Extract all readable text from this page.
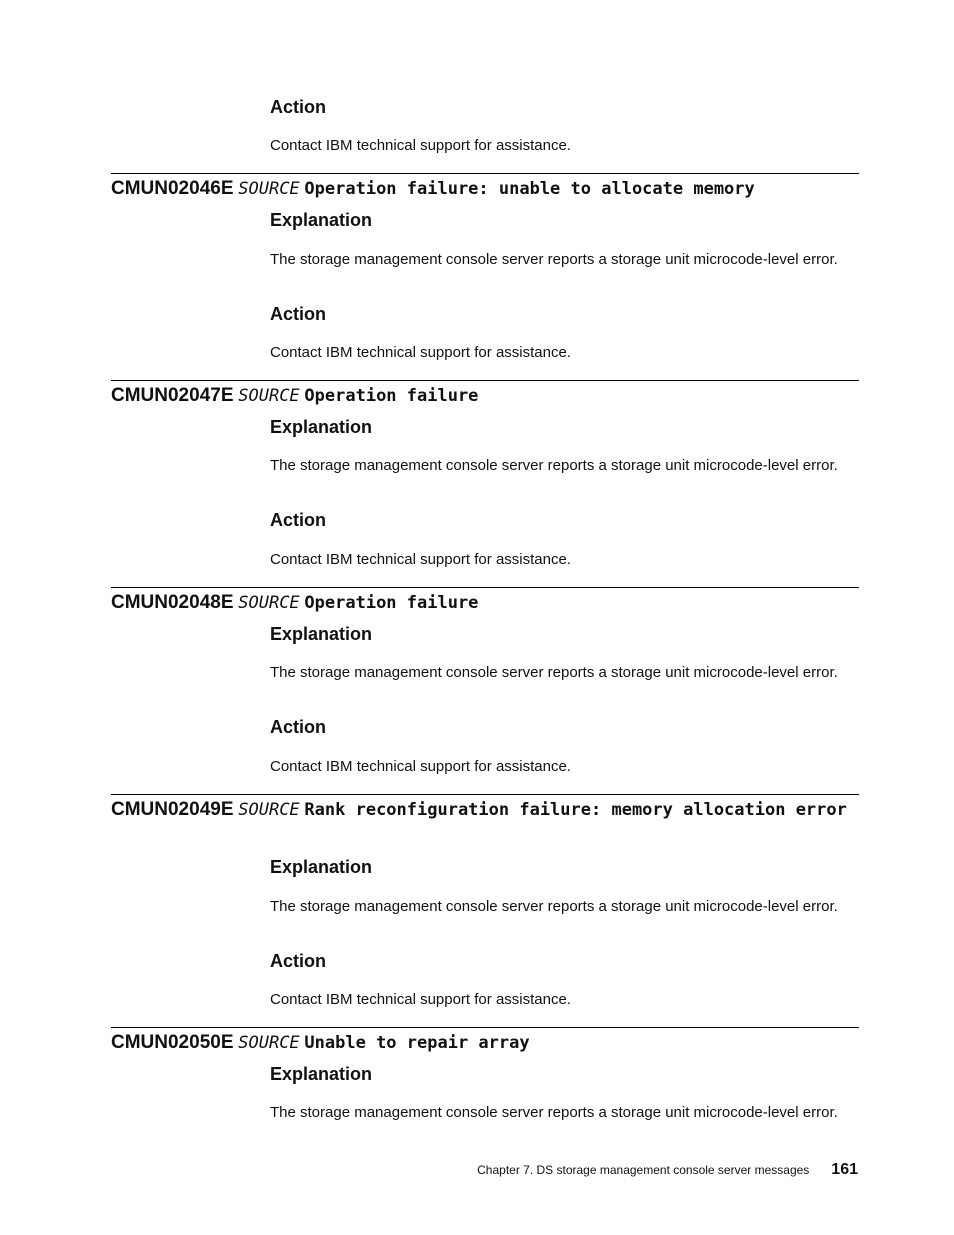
Action
Contact IBM technical support for assistance.
CMUN02046E SOURCE Operation failure: unable to allocate memory
Explanation
The storage management console server reports a storage unit microcode-level error.
Action
Contact IBM technical support for assistance.
CMUN02047E SOURCE Operation failure
Explanation
The storage management console server reports a storage unit microcode-level error.
Action
Contact IBM technical support for assistance.
CMUN02048E SOURCE Operation failure
Explanation
The storage management console server reports a storage unit microcode-level error.
Action
Contact IBM technical support for assistance.
CMUN02049E SOURCE Rank reconfiguration failure: memory allocation error
Explanation
The storage management console server reports a storage unit microcode-level error.
Action
Contact IBM technical support for assistance.
CMUN02050E SOURCE Unable to repair array
Explanation
The storage management console server reports a storage unit microcode-level error.
Chapter 7. DS storage management console server messages 161
